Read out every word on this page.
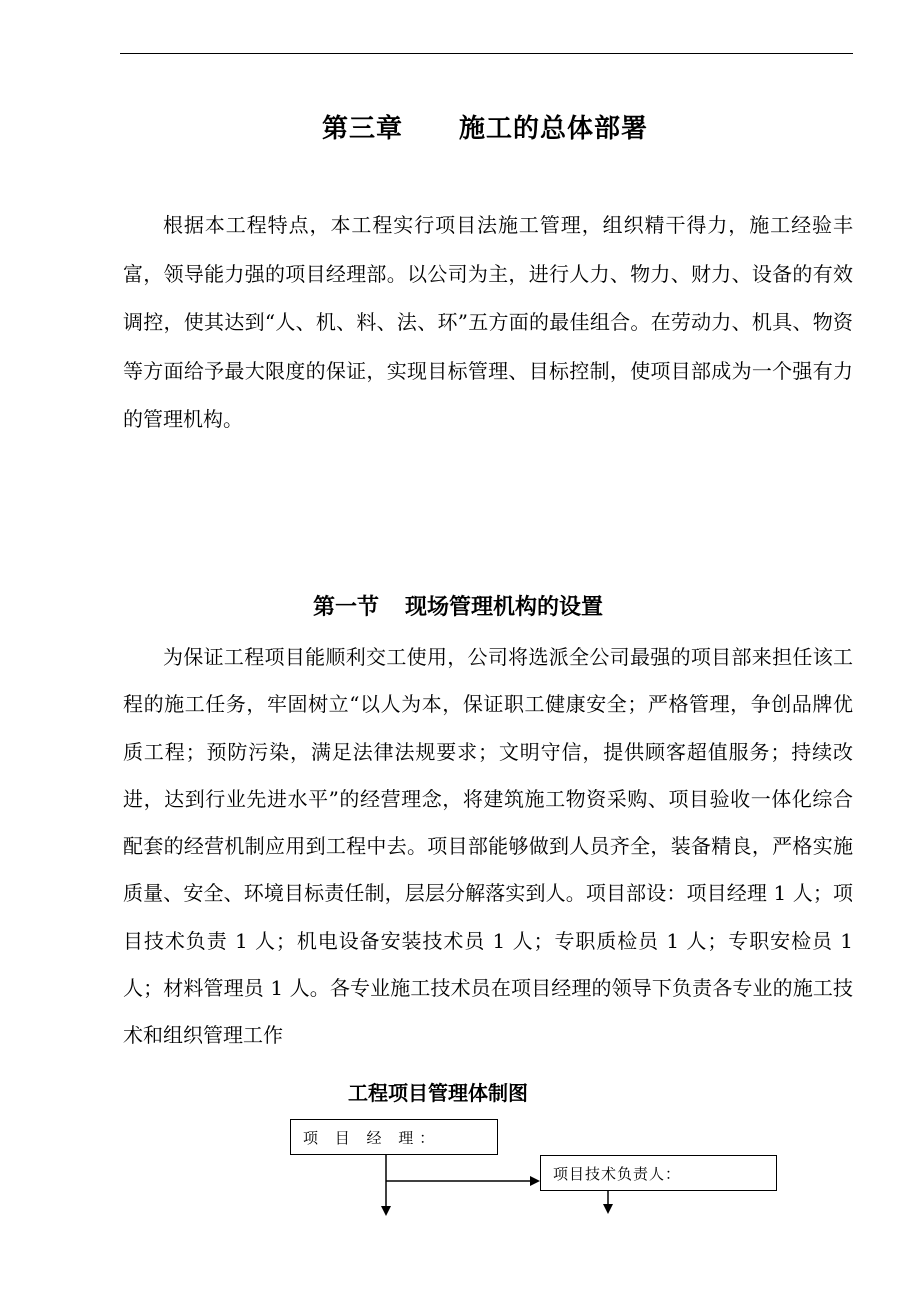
第三章 施工的总体部署
根据本工程特点，本工程实行项目法施工管理，组织精干得力，施工经验丰富，领导能力强的项目经理部。以公司为主，进行人力、物力、财力、设备的有效调控，使其达到“人、机、料、法、环”五方面的最佳组合。在劳动力、机具、物资等方面给予最大限度的保证，实现目标管理、目标控制，使项目部成为一个强有力的管理机构。
第一节 现场管理机构的设置
为保证工程项目能顺利交工使用，公司将选派全公司最强的项目部来担任该工程的施工任务，牢固树立“以人为本，保证职工健康安全；严格管理，争创品牌优质工程；预防污染，满足法律法规要求；文明守信，提供顾客超值服务；持续改进，达到行业先进水平”的经营理念，将建筑施工物资采购、项目验收一体化综合配套的经营机制应用到工程中去。项目部能够做到人员齐全，装备精良，严格实施质量、安全、环境目标责任制，层层分解落实到人。项目部设：项目经理 1 人；项目技术负责 1 人；机电设备安装技术员 1 人；专职质检员 1 人；专职安检员 1 人；材料管理员 1 人。各专业施工技术员在项目经理的领导下负责各专业的施工技术和组织管理工作
工程项目管理体制图
项 目 经 理：
项目技术负责人：
